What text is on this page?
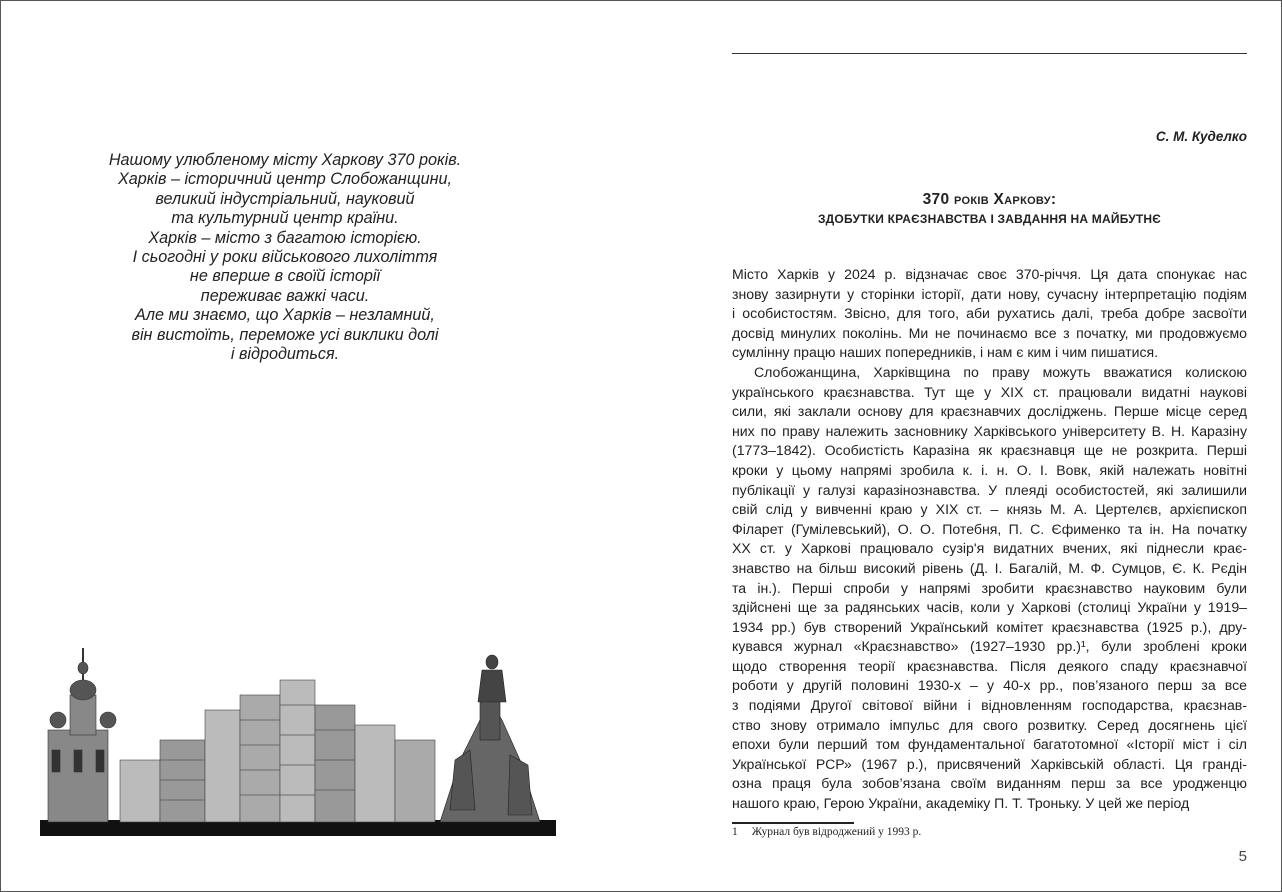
Нашому улюбленому місту Харкову 370 років.
Харків – історичний центр Слобожанщини,
великий індустріальний, науковий
та культурний центр країни.
Харків – місто з багатою історією.
І сьогодні у роки військового лихоліття
не вперше в своїй історії
переживає важкі часи.
Але ми знаємо, що Харків – незламний,
він вистоїть, переможе усі виклики долі
і відродиться.
С. М. Куделко
370 років Харкову:
ЗДОБУТКИ КРАЄЗНАВСТВА І ЗАВДАННЯ НА МАЙБУТНЄ
Місто Харків у 2024 р. відзначає своє 370-річчя. Ця дата спонукає нас
знову зазирнути у сторінки історії, дати нову, сучасну інтерпретацію подіям
і особистостям. Звісно, для того, аби рухатись далі, треба добре засвоїти
досвід минулих поколінь. Ми не починаємо все з початку, ми продовжуємо
сумлінну працю наших попередників, і нам є ким і чим пишатися.
Слобожанщина, Харківщина по праву можуть вважатися колискою
українського краєзнавства. Тут ще у XIX ст. працювали видатні наукові
сили, які заклали основу для краєзнавчих досліджень. Перше місце серед
них по праву належить засновнику Харківського університету В. Н. Каразіну
(1773–1842). Особистість Каразіна як краєзнавця ще не розкрита. Перші
кроки у цьому напрямі зробила к. і. н. О. І. Вовк, якій належать новітні
публікації у галузі каразінознавства. У плеяді особистостей, які залишили
свій слід у вивченні краю у XIX ст. – князь М. А. Цертелєв, архієпископ
Філарет (Гумілевський), О. О. Потебня, П. С. Єфименко та ін. На початку
XX ст. у Харкові працювало сузір'я видатних вчених, які піднесли крає-
знавство на більш високий рівень (Д. І. Багалій, М. Ф. Сумцов, Є. К. Рєдін
та ін.). Перші спроби у напрямі зробити краєзнавство науковим були
здійснені ще за радянських часів, коли у Харкові (столиці України у 1919–
1934 рр.) був створений Український комітет краєзнавства (1925 р.), дру-
кувався журнал «Краєзнавство» (1927–1930 рр.)¹, були зроблені кроки
щодо створення теорії краєзнавства. Після деякого спаду краєзнавчої
роботи у другій половині 1930-х – у 40-х рр., пов’язаного перш за все
з подіями Другої світової війни і відновленням господарства, краєзнав-
ство знову отримало імпульс для свого розвитку. Серед досягнень цієї
епохи були перший том фундаментальної багатотомної «Історії міст і сіл
Української РСР» (1967 р.), присвячений Харківській області. Ця гранді-
озна праця була зобов’язана своїм виданням перш за все уродженцю
нашого краю, Герою України, академіку П. Т. Троньку. У цей же період
1 Журнал був відроджений у 1993 р.
5
